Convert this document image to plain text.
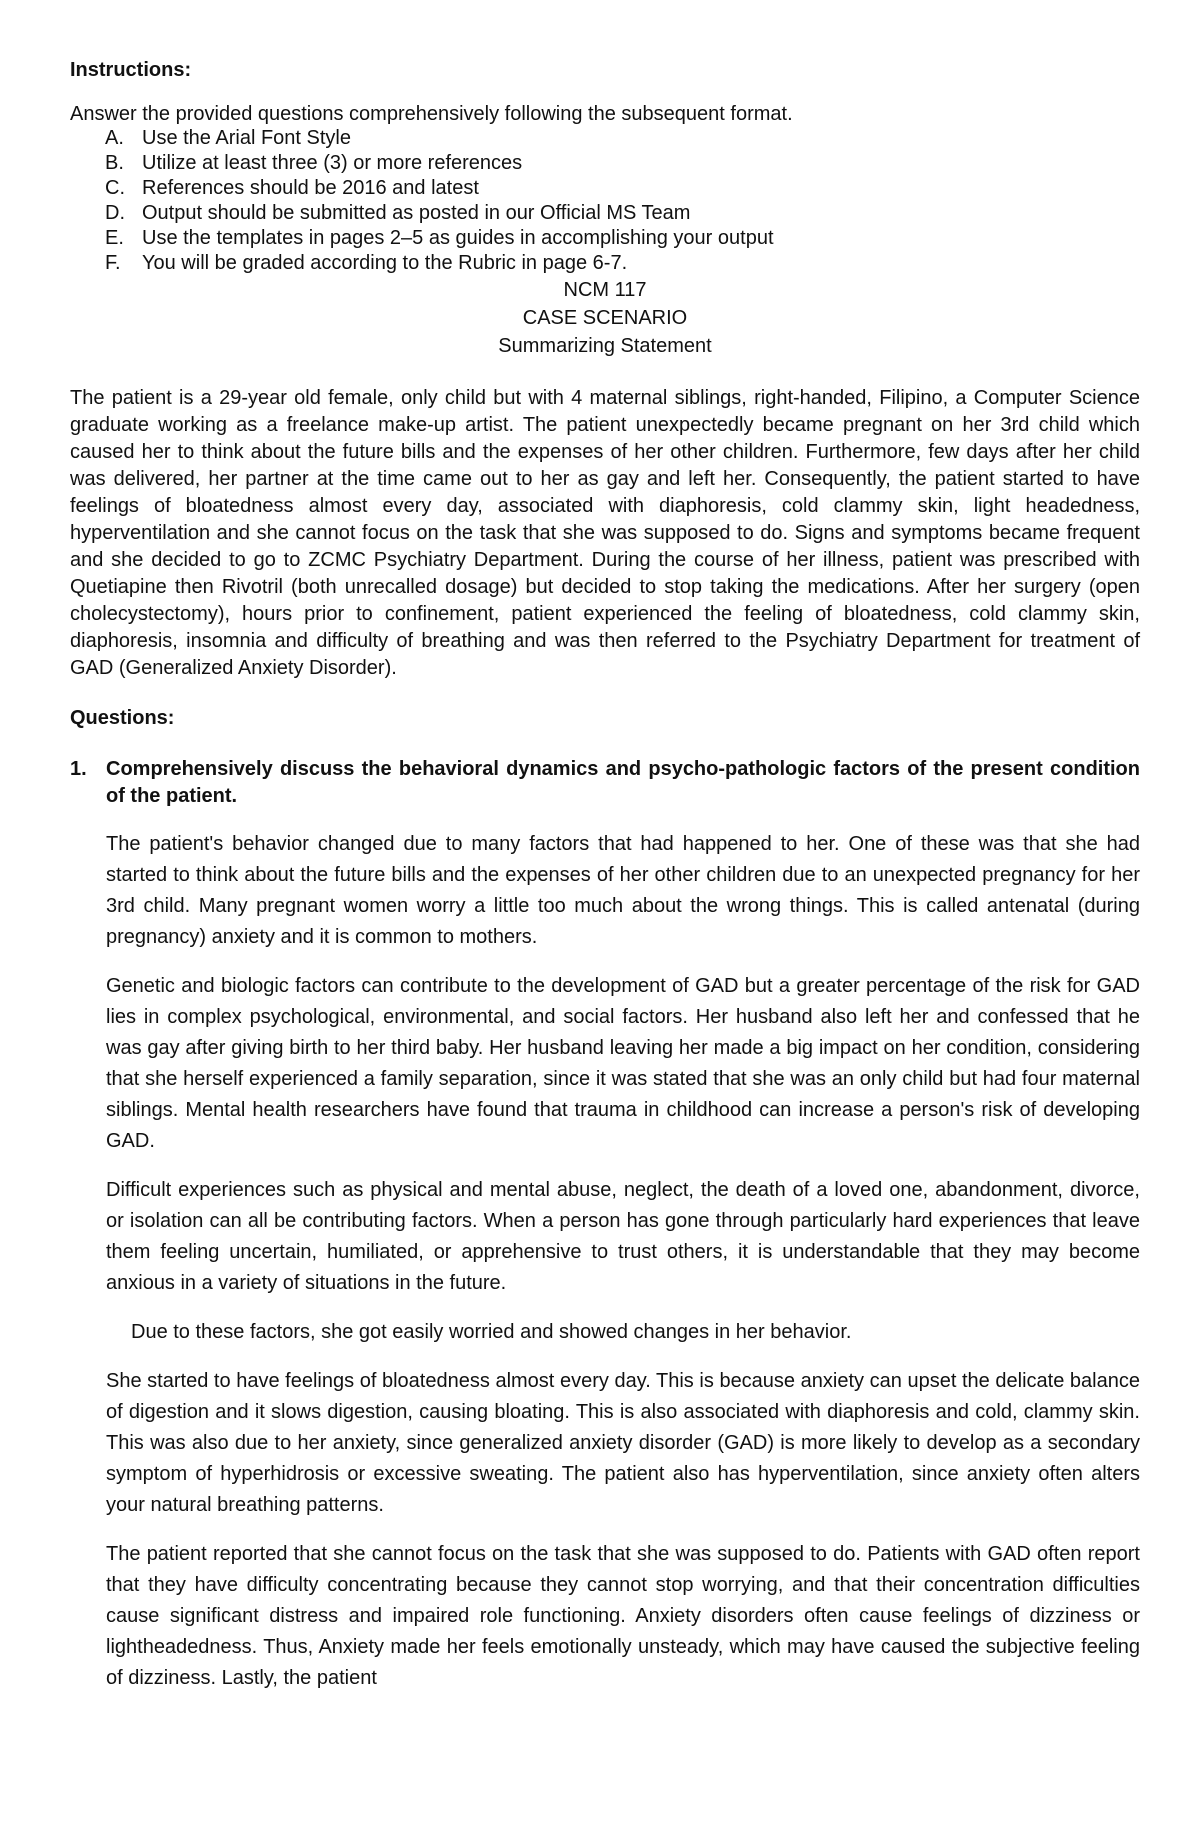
Instructions:

Answer the provided questions comprehensively following the subsequent format.

A. Use the Arial Font Style
B. Utilize at least three (3) or more references
C. References should be 2016 and latest
D. Output should be submitted as posted in our Official MS Team
E. Use the templates in pages 2–5 as guides in accomplishing your output
F. You will be graded according to the Rubric in page 6-7.

NCM 117

CASE SCENARIO

Summarizing Statement

The patient is a 29-year old female, only child but with 4 maternal siblings, right-handed, Filipino, a Computer Science graduate working as a freelance make-up artist. The patient unexpectedly became pregnant on her 3rd child which caused her to think about the future bills and the expenses of her other children. Furthermore, few days after her child was delivered, her partner at the time came out to her as gay and left her. Consequently, the patient started to have feelings of bloatedness almost every day, associated with diaphoresis, cold clammy skin, light headedness, hyperventilation and she cannot focus on the task that she was supposed to do. Signs and symptoms became frequent and she decided to go to ZCMC Psychiatry Department. During the course of her illness, patient was prescribed with Quetiapine then Rivotril (both unrecalled dosage) but decided to stop taking the medications. After her surgery (open cholecystectomy), hours prior to confinement, patient experienced the feeling of bloatedness, cold clammy skin, diaphoresis, insomnia and difficulty of breathing and was then referred to the Psychiatry Department for treatment of GAD (Generalized Anxiety Disorder).

Questions:

1. Comprehensively discuss the behavioral dynamics and psycho-pathologic factors of the present condition of the patient.

The patient's behavior changed due to many factors that had happened to her. One of these was that she had started to think about the future bills and the expenses of her other children due to an unexpected pregnancy for her 3rd child. Many pregnant women worry a little too much about the wrong things. This is called antenatal (during pregnancy) anxiety and it is common to mothers.

Genetic and biologic factors can contribute to the development of GAD but a greater percentage of the risk for GAD lies in complex psychological, environmental, and social factors. Her husband also left her and confessed that he was gay after giving birth to her third baby. Her husband leaving her made a big impact on her condition, considering that she herself experienced a family separation, since it was stated that she was an only child but had four maternal siblings. Mental health researchers have found that trauma in childhood can increase a person's risk of developing GAD.

Difficult experiences such as physical and mental abuse, neglect, the death of a loved one, abandonment, divorce, or isolation can all be contributing factors. When a person has gone through particularly hard experiences that leave them feeling uncertain, humiliated, or apprehensive to trust others, it is understandable that they may become anxious in a variety of situations in the future.

Due to these factors, she got easily worried and showed changes in her behavior.

She started to have feelings of bloatedness almost every day. This is because anxiety can upset the delicate balance of digestion and it slows digestion, causing bloating. This is also associated with diaphoresis and cold, clammy skin. This was also due to her anxiety, since generalized anxiety disorder (GAD) is more likely to develop as a secondary symptom of hyperhidrosis or excessive sweating. The patient also has hyperventilation, since anxiety often alters your natural breathing patterns.

The patient reported that she cannot focus on the task that she was supposed to do. Patients with GAD often report that they have difficulty concentrating because they cannot stop worrying, and that their concentration difficulties cause significant distress and impaired role functioning. Anxiety disorders often cause feelings of dizziness or lightheadedness. Thus, Anxiety made her feels emotionally unsteady, which may have caused the subjective feeling of dizziness. Lastly, the patient
